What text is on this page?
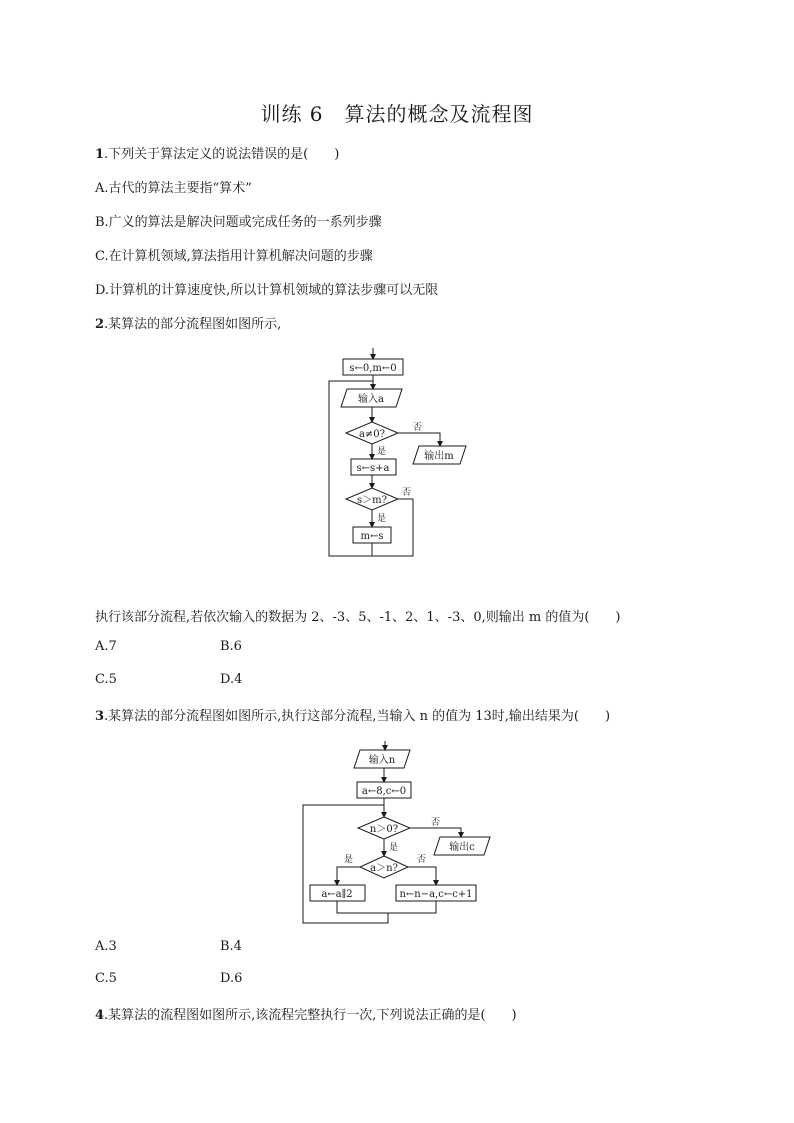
训练 6　算法的概念及流程图
1.下列关于算法定义的说法错误的是(　　)
A.古代的算法主要指“算术”
B.广义的算法是解决问题或完成任务的一系列步骤
C.在计算机领域,算法指用计算机解决问题的步骤
D.计算机的计算速度快,所以计算机领域的算法步骤可以无限
2.某算法的部分流程图如图所示,
s←0,m←0
输入a
a≠0?
否
输出m
是
s←s+a
s＞m?
否
是
m←s
执行该部分流程,若依次输入的数据为 2、-3、5、-1、2、1、-3、0,则输出 m 的值为(　　)
A.7	B.6
C.5	D.4
3.某算法的部分流程图如图所示,执行这部分流程,当输入 n 的值为 13时,输出结果为(　　)
输入n
a←8,c←0
n＞0?
否
输出c
是
a＞n?
是	否
a←a∥2	n←n−a,c←c+1
A.3	B.4
C.5	D.6
4.某算法的流程图如图所示,该流程完整执行一次,下列说法正确的是(　　)
